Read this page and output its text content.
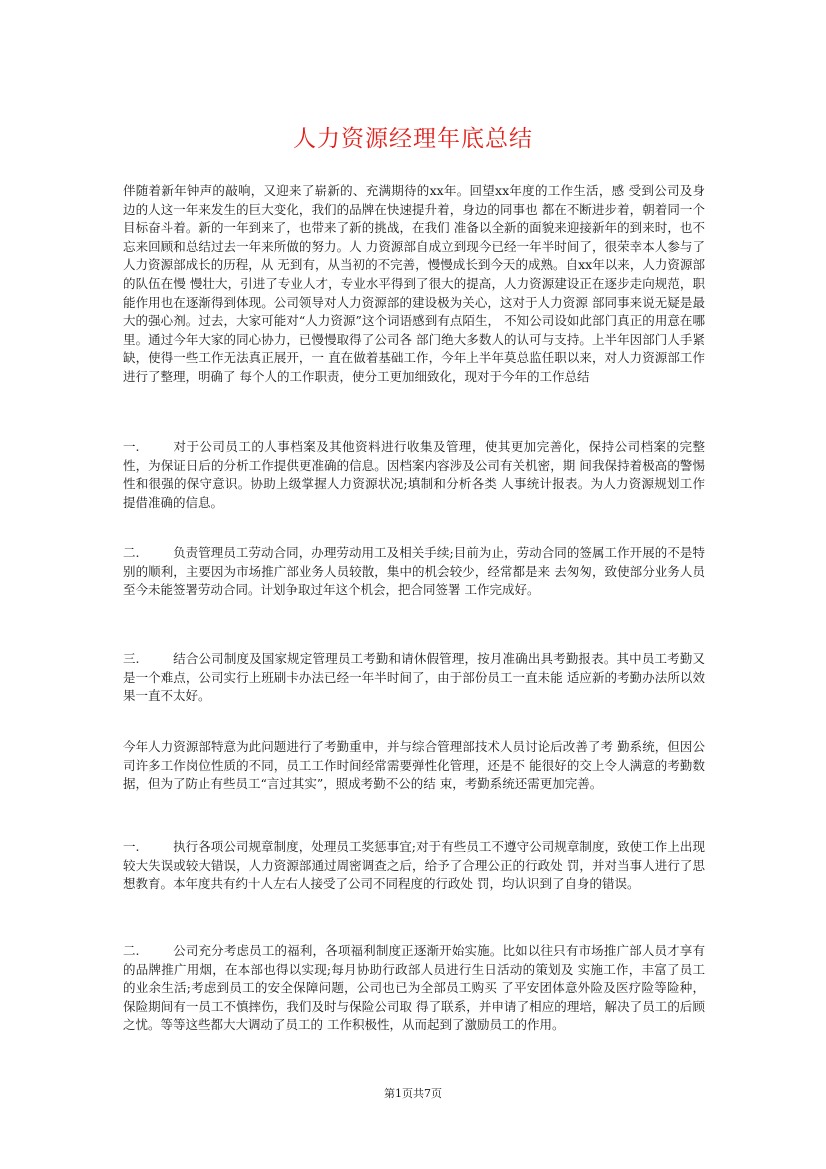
人力资源经理年底总结

伴随着新年钟声的敲响，又迎来了崭新的、充满期待的xx年。回望xx年度的工作生活，感 受到公司及身边的人这一年来发生的巨大变化，我们的品牌在快速提升着，身边的同事也 都在不断进步着，朝着同一个目标奋斗着。新的一年到来了，也带来了新的挑战，在我们 准备以全新的面貌来迎接新年的到来时，也不忘来回顾和总结过去一年来所做的努力。人 力资源部自成立到现今已经一年半时间了，很荣幸本人参与了人力资源部成长的历程，从 无到有，从当初的不完善，慢慢成长到今天的成熟。自xx年以来，人力资源部的队伍在慢 慢壮大，引进了专业人才，专业水平得到了很大的提高，人力资源建设正在逐步走向规范，职能作用也在逐渐得到体现。公司领导对人力资源部的建设极为关心，这对于人力资源 部同事来说无疑是最大的强心剂。过去，大家可能对“人力资源”这个词语感到有点陌生， 不知公司设如此部门真正的用意在哪里。通过今年大家的同心协力，已慢慢取得了公司各 部门绝大多数人的认可与支持。上半年因部门人手紧缺，使得一些工作无法真正展开，一 直在做着基础工作，今年上半年莫总监任职以来，对人力资源部工作进行了整理，明确了 每个人的工作职责，使分工更加细致化，现对于今年的工作总结

一.	对于公司员工的人事档案及其他资料进行收集及管理，使其更加完善化，保持公司档案的完整性，为保证日后的分析工作提供更准确的信息。因档案内容涉及公司有关机密，期 间我保持着极高的警惕性和很强的保守意识。协助上级掌握人力资源状况;填制和分析各类 人事统计报表。为人力资源规划工作提借准确的信息。

二.	负责管理员工劳动合同，办理劳动用工及相关手续;目前为止，劳动合同的签属工作开展的不是特别的顺利，主要因为市场推广部业务人员较散，集中的机会较少，经常都是来 去匆匆，致使部分业务人员至今未能签署劳动合同。计划争取过年这个机会，把合同签署 工作完成好。

三.	结合公司制度及国家规定管理员工考勤和请休假管理，按月准确出具考勤报表。其中员工考勤又是一个难点，公司实行上班刷卡办法已经一年半时间了，由于部份员工一直未能 适应新的考勤办法所以效果一直不太好。

今年人力资源部特意为此问题进行了考勤重申，并与综合管理部技术人员讨论后改善了考 勤系统，但因公司许多工作岗位性质的不同，员工工作时间经常需要弹性化管理，还是不 能很好的交上令人满意的考勤数据，但为了防止有些员工“言过其实”，照成考勤不公的结 束，考勤系统还需更加完善。

一.	执行各项公司规章制度，处理员工奖惩事宜;对于有些员工不遵守公司规章制度，致使工作上出现较大失误或较大错误，人力资源部通过周密调查之后，给予了合理公正的行政处 罚，并对当事人进行了思想教育。本年度共有约十人左右人接受了公司不同程度的行政处 罚，均认识到了自身的错误。

二.	公司充分考虑员工的福利，各项福利制度正逐渐开始实施。比如以往只有市场推广部人员才享有的品牌推广用烟，在本部也得以实现;每月协助行政部人员进行生日活动的策划及 实施工作，丰富了员工的业余生活;考虑到员工的安全保障问题，公司也已为全部员工购买 了平安团体意外险及医疗险等险种，保险期间有一员工不慎摔伤，我们及时与保险公司取 得了联系，并申请了相应的理培，解决了员工的后顾之忧。等等这些都大大调动了员工的 工作积极性，从而起到了激励员工的作用。

第1页共7页
